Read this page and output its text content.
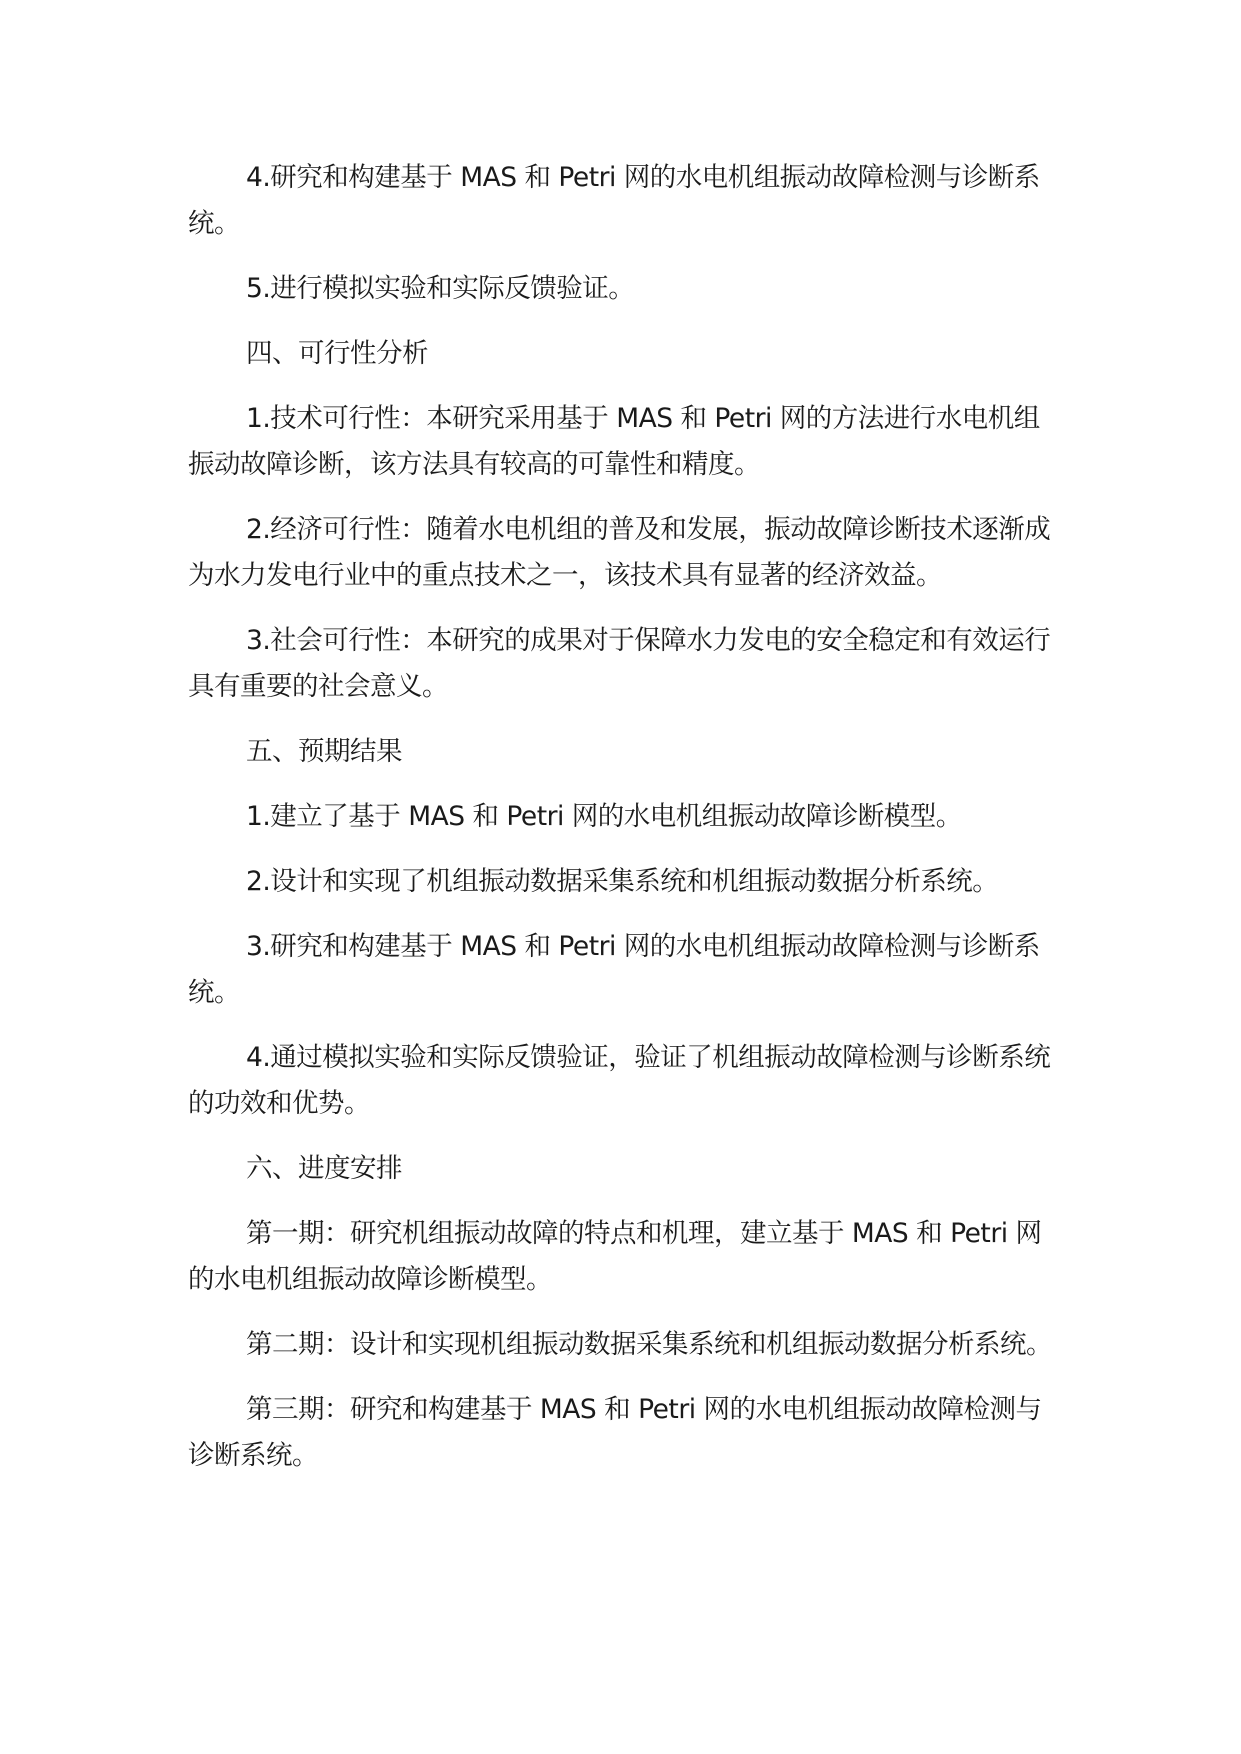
4.研究和构建基于 MAS 和 Petri 网的水电机组振动故障检测与诊断系统。

5.进行模拟实验和实际反馈验证。

四、可行性分析

1.技术可行性：本研究采用基于 MAS 和 Petri 网的方法进行水电机组振动故障诊断，该方法具有较高的可靠性和精度。

2.经济可行性：随着水电机组的普及和发展，振动故障诊断技术逐渐成为水力发电行业中的重点技术之一，该技术具有显著的经济效益。

3.社会可行性：本研究的成果对于保障水力发电的安全稳定和有效运行具有重要的社会意义。

五、预期结果

1.建立了基于 MAS 和 Petri 网的水电机组振动故障诊断模型。

2.设计和实现了机组振动数据采集系统和机组振动数据分析系统。

3.研究和构建基于 MAS 和 Petri 网的水电机组振动故障检测与诊断系统。

4.通过模拟实验和实际反馈验证，验证了机组振动故障检测与诊断系统的功效和优势。

六、进度安排

第一期：研究机组振动故障的特点和机理，建立基于 MAS 和 Petri 网的水电机组振动故障诊断模型。

第二期：设计和实现机组振动数据采集系统和机组振动数据分析系统。

第三期：研究和构建基于 MAS 和 Petri 网的水电机组振动故障检测与诊断系统。
